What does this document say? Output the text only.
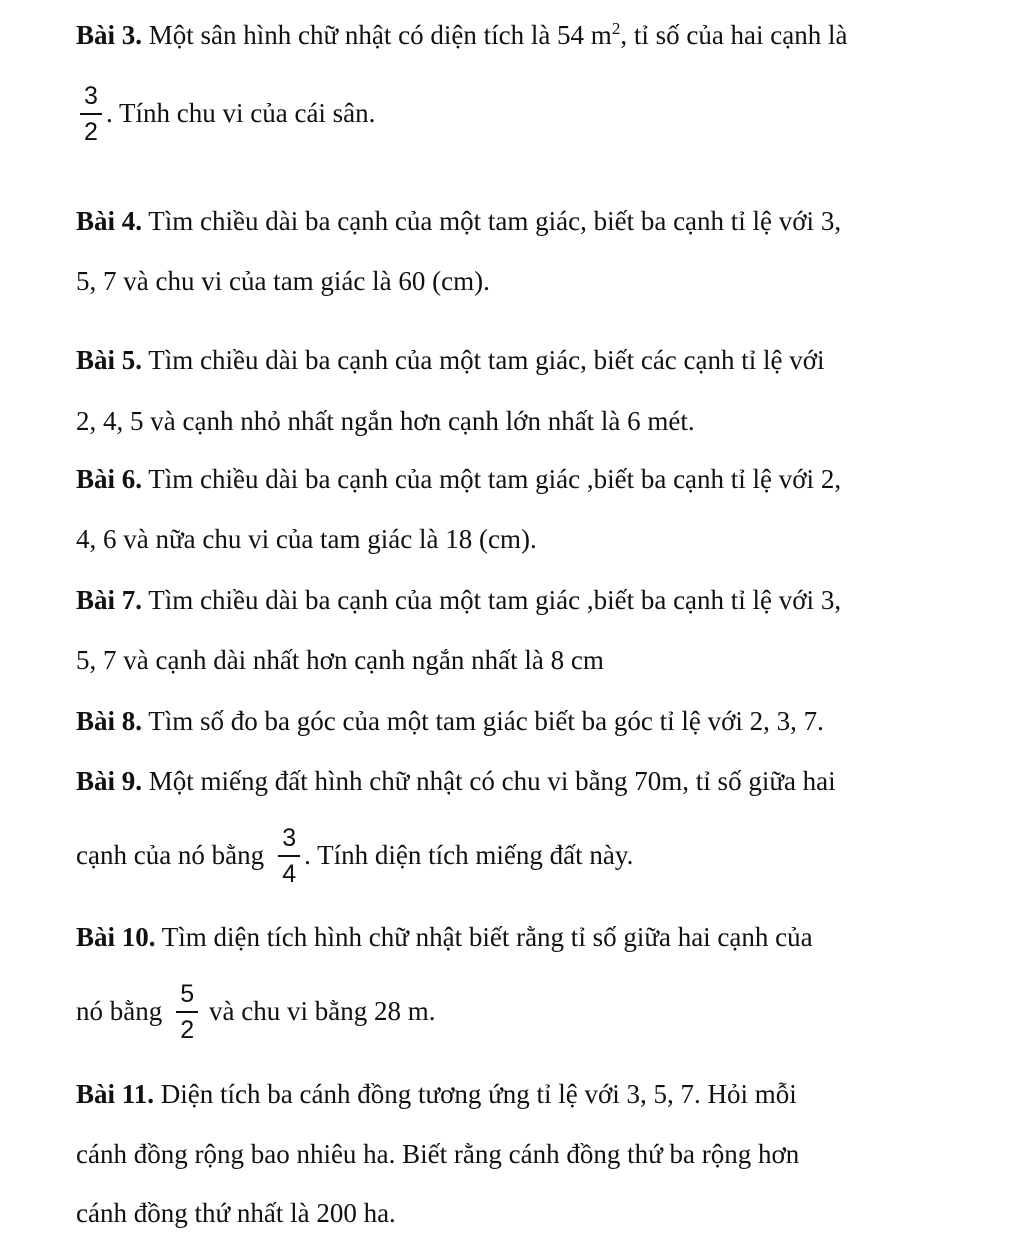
Bài 3. Một sân hình chữ nhật có diện tích là 54 $m^2$, tỉ số của hai cạnh là
$\frac{3}{2}$ . Tính chu vi của cái sân.
Bài 4. Tìm chiều dài ba cạnh của một tam giác, biết ba cạnh tỉ lệ với 3,
5, 7 và chu vi của tam giác là 60 (cm).
Bài 5. Tìm chiều dài ba cạnh của một tam giác, biết các cạnh tỉ lệ với
2, 4, 5 và cạnh nhỏ nhất ngắn hơn cạnh lớn nhất là 6 mét.
Bài 6. Tìm chiều dài ba cạnh của một tam giác ,biết ba cạnh tỉ lệ với 2,
4, 6 và nữa chu vi của tam giác là 18 (cm).
Bài 7. Tìm chiều dài ba cạnh của một tam giác ,biết ba cạnh tỉ lệ với 3,
5, 7 và cạnh dài nhất hơn cạnh ngắn nhất là 8 cm
Bài 8. Tìm số đo ba góc của một tam giác biết ba góc tỉ lệ với 2, 3, 7.
Bài 9. Một miếng đất hình chữ nhật có chu vi bằng 70m, tỉ số giữa hai
cạnh của nó bằng $\frac{3}{4}$ . Tính diện tích miếng đất này.
Bài 10. Tìm diện tích hình chữ nhật biết rằng tỉ số giữa hai cạnh của
nó bằng $\frac{5}{2}$ và chu vi bằng 28 m.
Bài 11. Diện tích ba cánh đồng tương ứng tỉ lệ với 3, 5, 7. Hỏi mỗi
cánh đồng rộng bao nhiêu ha. Biết rằng cánh đồng thứ ba rộng hơn
cánh đồng thứ nhất là 200 ha.
